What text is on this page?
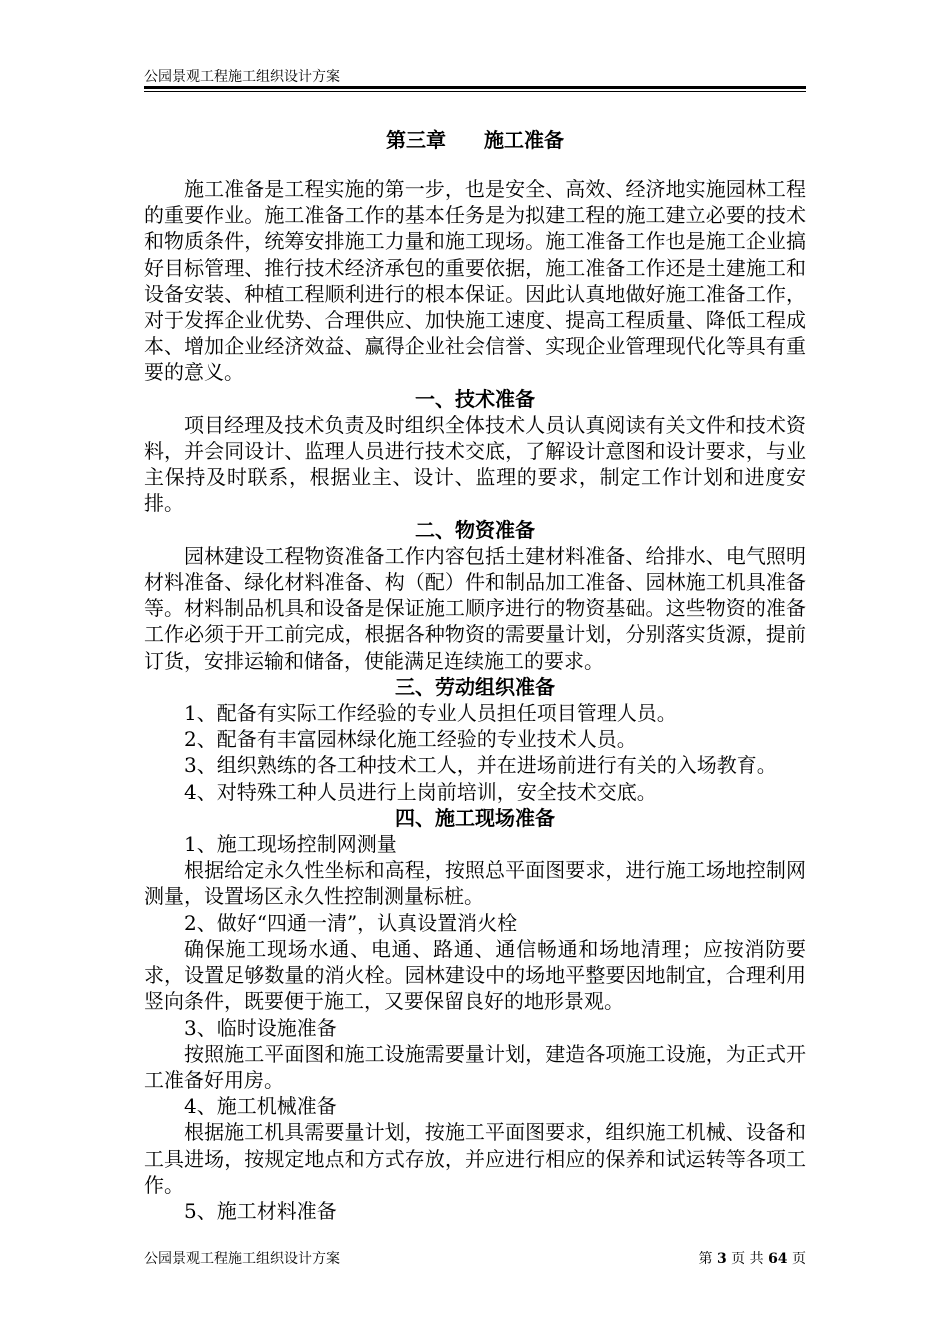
公园景观工程施工组织设计方案
第三章 施工准备

施工准备是工程实施的第一步，也是安全、高效、经济地实施园林工程的重要作业。施工准备工作的基本任务是为拟建工程的施工建立必要的技术和物质条件，统筹安排施工力量和施工现场。施工准备工作也是施工企业搞好目标管理、推行技术经济承包的重要依据，施工准备工作还是土建施工和设备安装、种植工程顺利进行的根本保证。因此认真地做好施工准备工作，对于发挥企业优势、合理供应、加快施工速度、提高工程质量、降低工程成本、增加企业经济效益、赢得企业社会信誉、实现企业管理现代化等具有重要的意义。

一、技术准备

项目经理及技术负责及时组织全体技术人员认真阅读有关文件和技术资料，并会同设计、监理人员进行技术交底，了解设计意图和设计要求，与业主保持及时联系，根据业主、设计、监理的要求，制定工作计划和进度安排。

二、物资准备

园林建设工程物资准备工作内容包括土建材料准备、给排水、电气照明材料准备、绿化材料准备、构（配）件和制品加工准备、园林施工机具准备等。材料制品机具和设备是保证施工顺序进行的物资基础。这些物资的准备工作必须于开工前完成，根据各种物资的需要量计划，分别落实货源，提前订货，安排运输和储备，使能满足连续施工的要求。

三、劳动组织准备

1、配备有实际工作经验的专业人员担任项目管理人员。

2、配备有丰富园林绿化施工经验的专业技术人员。

3、组织熟练的各工种技术工人，并在进场前进行有关的入场教育。

4、对特殊工种人员进行上岗前培训，安全技术交底。

四、施工现场准备

1、施工现场控制网测量

根据给定永久性坐标和高程，按照总平面图要求，进行施工场地控制网测量，设置场区永久性控制测量标桩。

2、做好“四通一清”，认真设置消火栓

确保施工现场水通、电通、路通、通信畅通和场地清理；应按消防要求，设置足够数量的消火栓。园林建设中的场地平整要因地制宜，合理利用竖向条件，既要便于施工，又要保留良好的地形景观。

3、临时设施准备

按照施工平面图和施工设施需要量计划，建造各项施工设施，为正式开工准备好用房。

4、施工机械准备

根据施工机具需要量计划，按施工平面图要求，组织施工机械、设备和工具进场，按规定地点和方式存放，并应进行相应的保养和试运转等各项工作。

5、施工材料准备

公园景观工程施工组织设计方案	第 3 页 共 64 页
